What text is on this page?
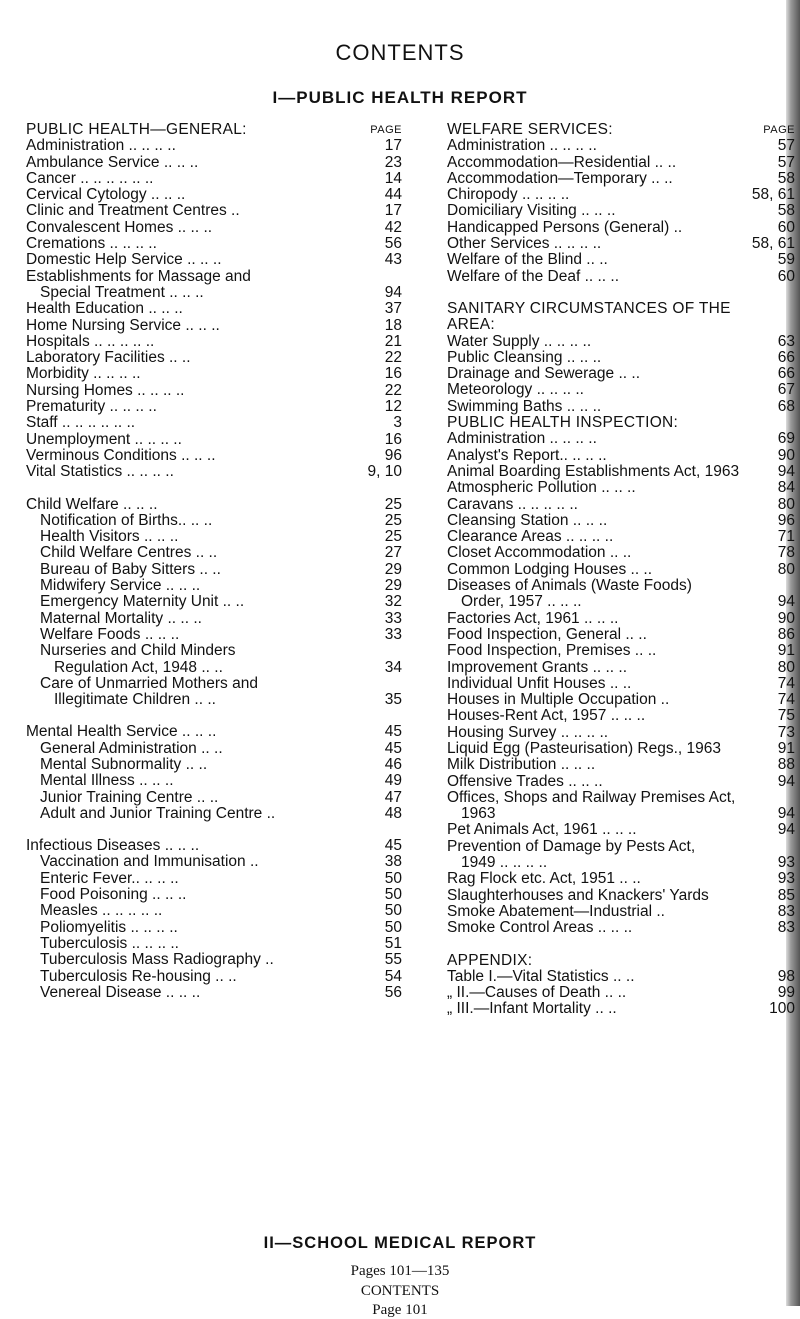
CONTENTS
I—PUBLIC HEALTH REPORT
PUBLIC HEALTH—GENERAL:	PAGE
Administration .. .. .. ..	17
Ambulance Service .. .. ..	23
Cancer .. .. .. .. .. ..	14
Cervical Cytology .. .. ..	44
Clinic and Treatment Centres ..	17
Convalescent Homes .. .. ..	42
Cremations .. .. .. ..	56
Domestic Help Service .. .. ..	43
Establishments for Massage and
Special Treatment .. .. ..	94
Health Education .. .. ..	37
Home Nursing Service .. .. ..	18
Hospitals .. .. .. .. ..	21
Laboratory Facilities .. ..	22
Morbidity .. .. .. ..	16
Nursing Homes .. .. .. ..	22
Prematurity .. .. .. ..	12
Staff .. .. .. .. .. ..	3
Unemployment .. .. .. ..	16
Verminous Conditions .. .. ..	96
Vital Statistics .. .. .. ..	9, 10
Child Welfare .. .. ..	25
Notification of Births.. .. ..	25
Health Visitors .. .. ..	25
Child Welfare Centres .. ..	27
Bureau of Baby Sitters .. ..	29
Midwifery Service .. .. ..	29
Emergency Maternity Unit .. ..	32
Maternal Mortality .. .. ..	33
Welfare Foods .. .. ..	33
Nurseries and Child Minders
Regulation Act, 1948 .. ..	34
Care of Unmarried Mothers and
Illegitimate Children .. ..	35
Mental Health Service .. .. ..	45
General Administration .. ..	45
Mental Subnormality .. ..	46
Mental Illness .. .. ..	49
Junior Training Centre .. ..	47
Adult and Junior Training Centre ..	48
Infectious Diseases .. .. ..	45
Vaccination and Immunisation ..	38
Enteric Fever.. .. .. ..	50
Food Poisoning .. .. ..	50
Measles .. .. .. .. ..	50
Poliomyelitis .. .. .. ..	50
Tuberculosis .. .. .. ..	51
Tuberculosis Mass Radiography ..	55
Tuberculosis Re-housing .. ..	54
Venereal Disease .. .. ..	56
WELFARE SERVICES:	PAGE
Administration .. .. .. ..	57
Accommodation—Residential .. ..	57
Accommodation—Temporary .. ..	58
Chiropody .. .. .. ..	58, 61
Domiciliary Visiting .. .. ..	58
Handicapped Persons (General) ..	60
Other Services .. .. .. ..	58, 61
Welfare of the Blind .. ..	59
Welfare of the Deaf .. .. ..	60
SANITARY CIRCUMSTANCES OF THE
AREA:
Water Supply .. .. .. ..	63
Public Cleansing .. .. ..	66
Drainage and Sewerage .. ..	66
Meteorology .. .. .. ..	67
Swimming Baths .. .. ..	68
PUBLIC HEALTH INSPECTION:
Administration .. .. .. ..	69
Analyst's Report.. .. .. ..	90
Animal Boarding Establishments Act, 1963 94
Atmospheric Pollution .. .. ..	84
Caravans .. .. .. .. ..	80
Cleansing Station .. .. ..	96
Clearance Areas .. .. .. ..	71
Closet Accommodation .. ..	78
Common Lodging Houses .. ..	80
Diseases of Animals (Waste Foods)
Order, 1957 .. .. ..	94
Factories Act, 1961 .. .. ..	90
Food Inspection, General .. ..	86
Food Inspection, Premises .. ..	91
Improvement Grants .. .. ..	80
Individual Unfit Houses .. ..	74
Houses in Multiple Occupation ..	74
Houses-Rent Act, 1957 .. .. ..	75
Housing Survey .. .. .. ..	73
Liquid Egg (Pasteurisation) Regs., 1963	91
Milk Distribution .. .. ..	88
Offensive Trades .. .. ..	94
Offices, Shops and Railway Premises Act,
1963	94
Pet Animals Act, 1961 .. .. ..	94
Prevention of Damage by Pests Act,
1949 .. .. .. ..	93
Rag Flock etc. Act, 1951 .. ..	93
Slaughterhouses and Knackers' Yards	85
Smoke Abatement—Industrial ..	83
Smoke Control Areas .. .. ..	83
APPENDIX:
Table I.—Vital Statistics .. ..	98
„ II.—Causes of Death .. ..	99
„ III.—Infant Mortality .. ..	100
II—SCHOOL MEDICAL REPORT
Pages 101—135
CONTENTS
Page 101
